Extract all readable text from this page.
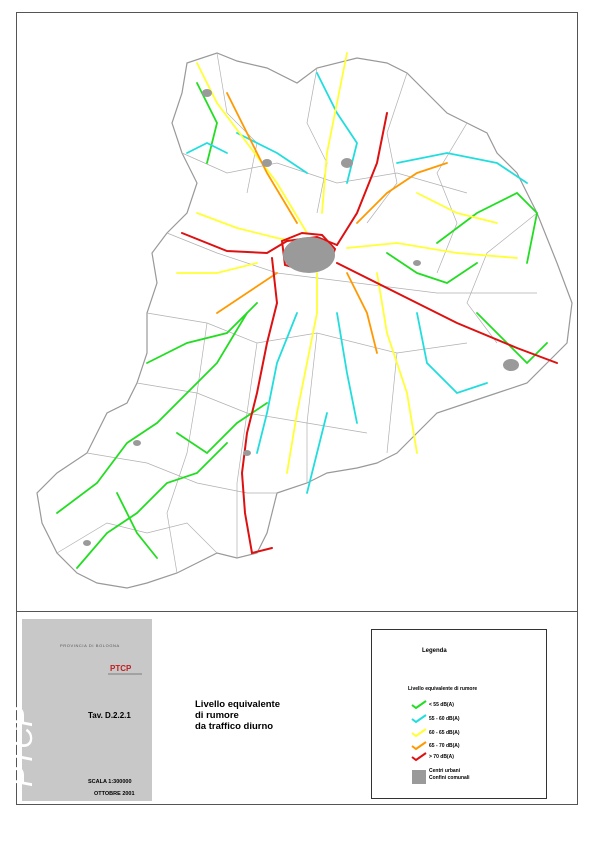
PROVINCIA DI BOLOGNA
PTCP
PTCP	Tav. D.2.2.1
SCALA 1:300000
OTTOBRE 2001
Livello equivalente
di rumore
da traffico diurno
Legenda
Livello equivalente di rumore
< 55 dB(A)
55 - 60 dB(A)
60 - 65 dB(A)
65 - 70 dB(A)
> 70 dB(A)
Centri urbani
Confini comunali
